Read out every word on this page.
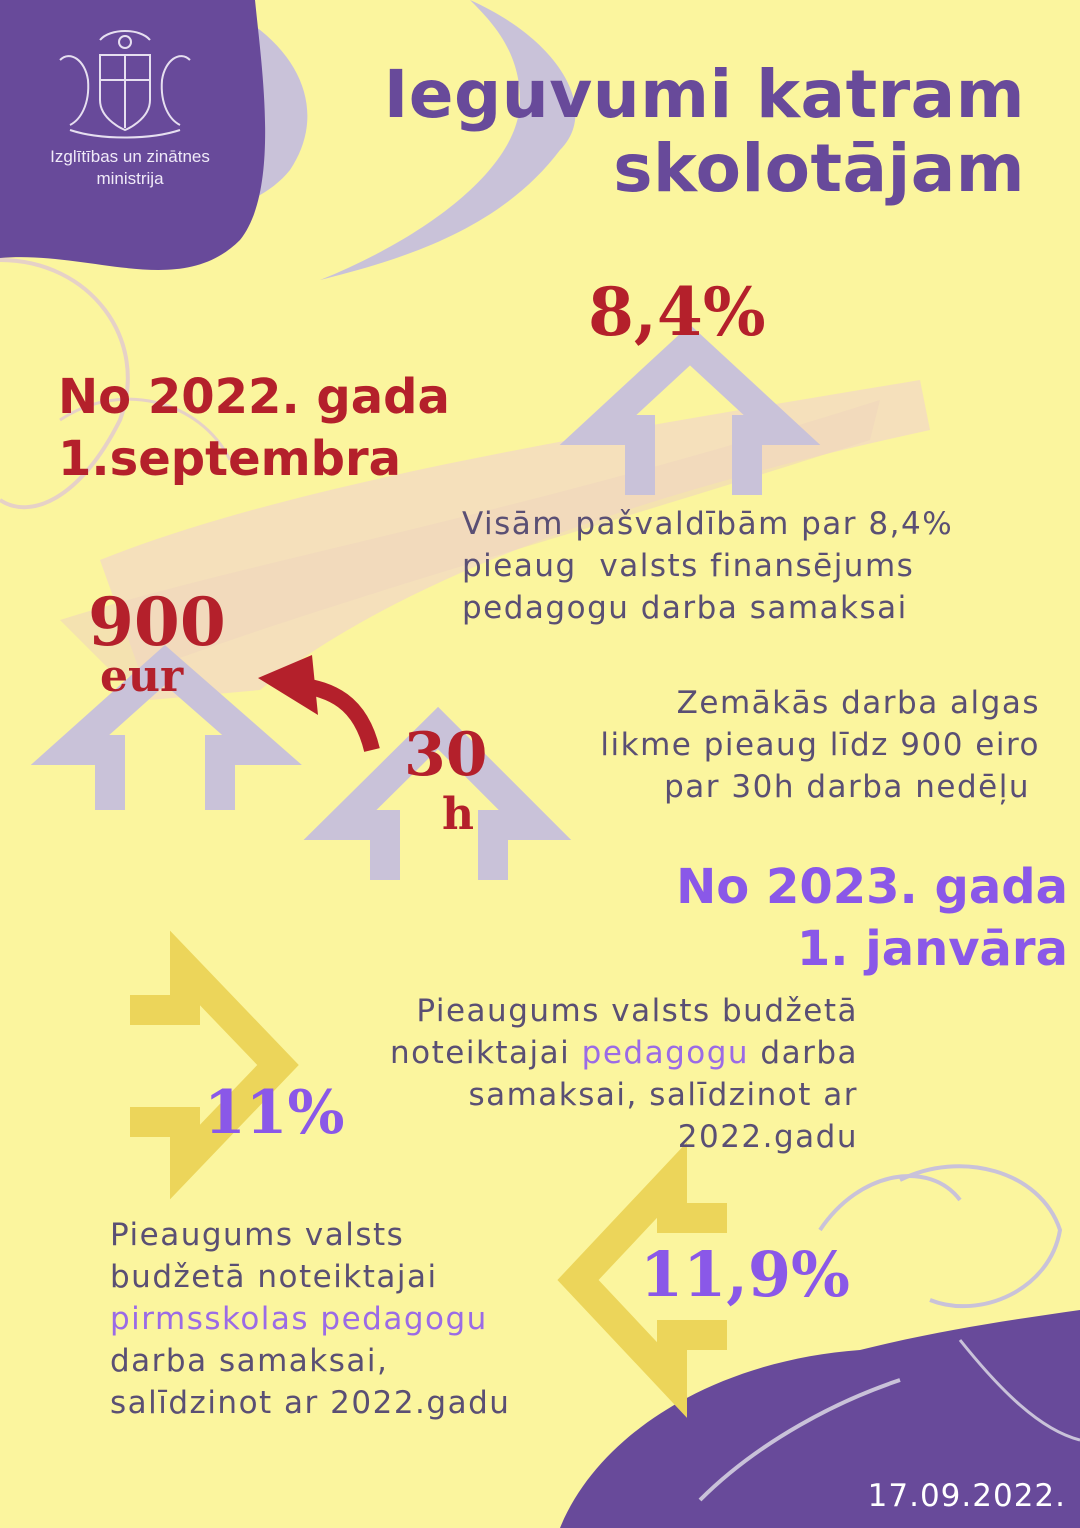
Izglītības un zinātnes
ministrija
Ieguvumi katram
skolotājam
8,4%
No 2022. gada
1.septembra
Visām pašvaldībām par 8,4%
pieaug  valsts finansējums
pedagogu darba samaksai
900
eur
30
h
Zemākās darba algas
likme pieaug līdz 900 eiro
par 30h darba nedēļu
No 2023. gada
1. janvāra
Pieaugums valsts budžetā
noteiktajai pedagogu darba
samaksai, salīdzinot ar
2022.gadu
11%
11,9%
Pieaugums valsts
budžetā noteiktajai
pirmsskolas pedagogu
darba samaksai,
salīdzinot ar 2022.gadu
17.09.2022.
